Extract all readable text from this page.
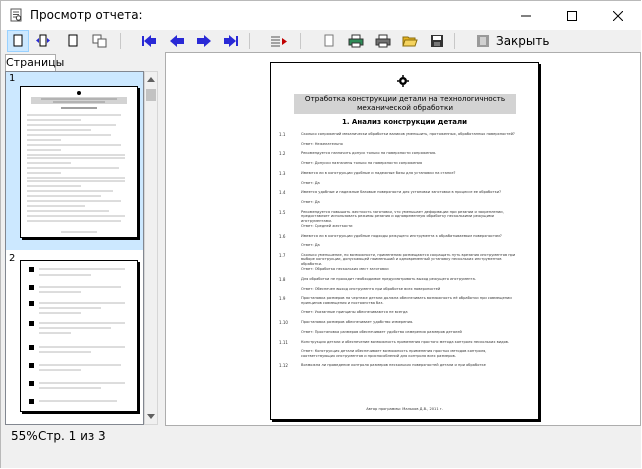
Просмотр отчета:
Закрыть
Страницы
1
2
Отработка конструкции детали на технологичность
механической обработки
1. Анализ конструкции детали
1.1	Сколько сопряжений механически обработки валиков уменьшить, протяженных, обработанных поверхностей?
Ответ: Нежелательно
1.2	Рекомендуется назначить допуск только на поверхности сопряжения.
Ответ: Допуски назначены только на поверхности сопряжения
1.3	Имеются ли в конструкции удобные и надежные базы для установки на станке?
Ответ: Да
1.4	Имеется удобные и надежные базовые поверхности для установки заготовки в процессе ее обработки?
Ответ: Да
1.5	Рекомендуется повышать жесткость заготовки, что уменьшает деформации при резании и закреплении, предоставляет использовать режимы резания и одновременную обработку несколькими режущими инструментами.
Ответ: Средней жесткости
1.6	Имеются ли в конструкции удобные подходы режущего инструмента к обрабатываемым поверхностям?
Ответ: Да
1.7	Сколько уменьшение, по возможности, применению размещаются сокращать путь врезания инструментов при выборе конструкции, допускающей наименьший и одновременный установку нескольких инструментов обработки.
Ответ: Обработка нескольких мест заготовки
1.8	Для обработки не проходит необходимое предусматривать выход режущего инструмента.
Ответ: Обеспечен выход инструмента при обработке всех поверхностей
1.9	Простановка размеров на чертеже детали должна обеспечивать возможность её обработки при совмещении принципов совмещения и постоянства баз.
Ответ: Указанные принципы обеспечиваются не всегда
1.10	Простановка размеров обеспечивает удобство измерения.
Ответ: Простановка размеров обеспечивает удобство измерения размеров деталей
1.11	Конструкция детали и обеспечение возможность применения простого метода контроля нескольких видов.
Ответ: Конструкция детали обеспечивает возможность применения простых методов контроля, соответствующих инструментов и приспособлений для контроля всех размеров.
1.12	Возможна ли проведение контроля размеров нескольких поверхностей детали и при обработке
Автор программы: Мальков Д.В., 2011 г.
55% Стр. 1 из 3
